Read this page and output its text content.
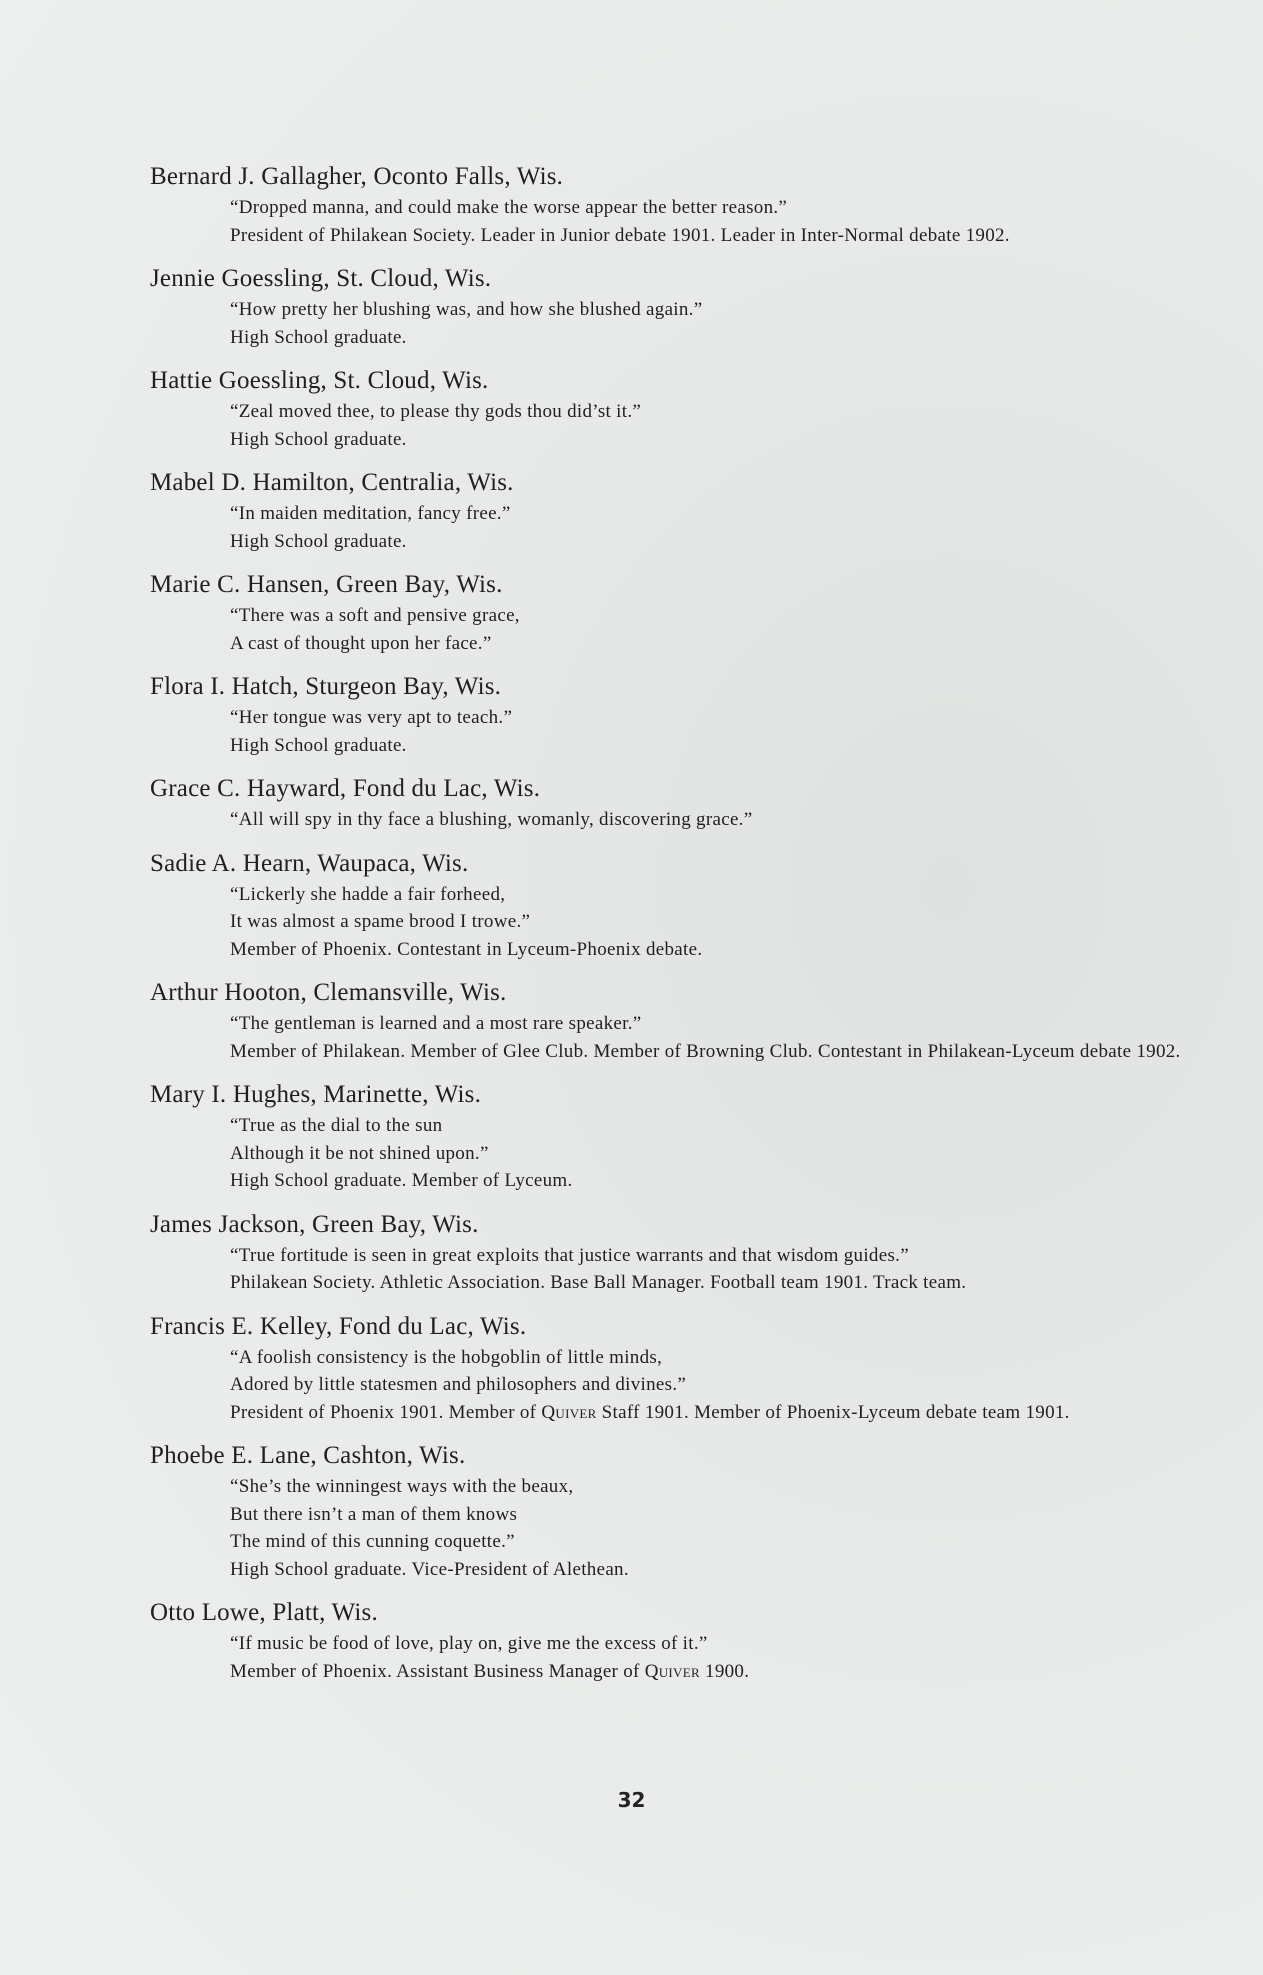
Bernard J. Gallagher, Oconto Falls, Wis.
“Dropped manna, and could make the worse appear the better reason.”
President of Philakean Society. Leader in Junior debate 1901. Leader in Inter-Normal debate 1902.
Jennie Goessling, St. Cloud, Wis.
“How pretty her blushing was, and how she blushed again.”
High School graduate.
Hattie Goessling, St. Cloud, Wis.
“Zeal moved thee, to please thy gods thou did’st it.”
High School graduate.
Mabel D. Hamilton, Centralia, Wis.
“In maiden meditation, fancy free.”
High School graduate.
Marie C. Hansen, Green Bay, Wis.
“There was a soft and pensive grace,
A cast of thought upon her face.”
Flora I. Hatch, Sturgeon Bay, Wis.
“Her tongue was very apt to teach.”
High School graduate.
Grace C. Hayward, Fond du Lac, Wis.
“All will spy in thy face a blushing, womanly, discovering grace.”
Sadie A. Hearn, Waupaca, Wis.
“Lickerly she hadde a fair forheed,
It was almost a spame brood I trowe.”
Member of Phoenix. Contestant in Lyceum-Phoenix debate.
Arthur Hooton, Clemansville, Wis.
“The gentleman is learned and a most rare speaker.”
Member of Philakean. Member of Glee Club. Member of Browning Club. Contestant in Philakean-Lyceum debate 1902.
Mary I. Hughes, Marinette, Wis.
“True as the dial to the sun
Although it be not shined upon.”
High School graduate. Member of Lyceum.
James Jackson, Green Bay, Wis.
“True fortitude is seen in great exploits that justice warrants and that wisdom guides.”
Philakean Society. Athletic Association. Base Ball Manager. Football team 1901. Track team.
Francis E. Kelley, Fond du Lac, Wis.
“A foolish consistency is the hobgoblin of little minds,
Adored by little statesmen and philosophers and divines.”
President of Phoenix 1901. Member of Quiver Staff 1901. Member of Phoenix-Lyceum debate team 1901.
Phoebe E. Lane, Cashton, Wis.
“She’s the winningest ways with the beaux,
But there isn’t a man of them knows
The mind of this cunning coquette.”
High School graduate. Vice-President of Alethean.
Otto Lowe, Platt, Wis.
“If music be food of love, play on, give me the excess of it.”
Member of Phoenix. Assistant Business Manager of Quiver 1900.
32
